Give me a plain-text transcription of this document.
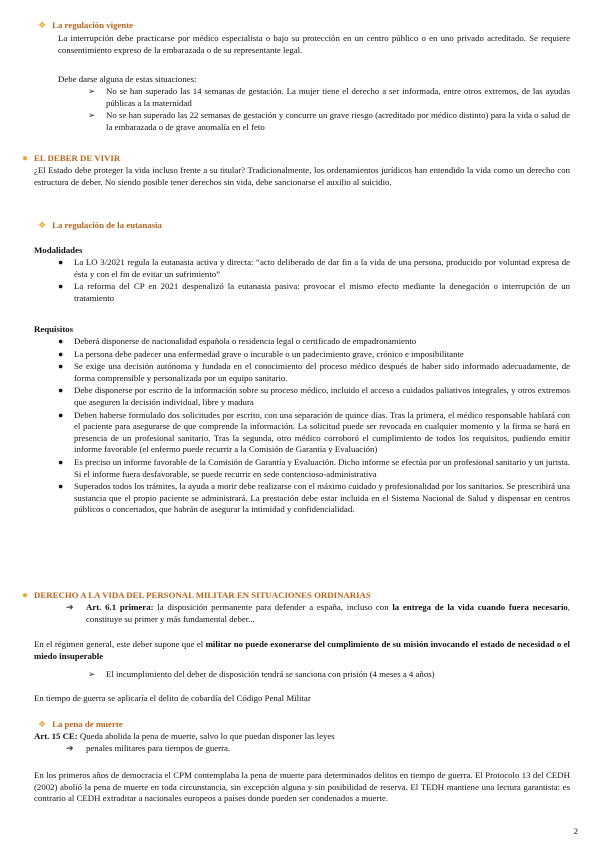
❖ La regulación vigente

La interrupción debe practicarse por médico especialista o bajo su protección en un centro público o en uno privado acreditado. Se requiere consentimiento expreso de la embarazada o de su representante legal.

Debe darse alguna de estas situaciones:

➢ No se han superado las 14 semanas de gestación. La mujer tiene el derecho a ser informada, entre otros extremos, de las ayudas públicas a la maternidad

➢ No se han superado las 22 semanas de gestación y concurre un grave riesgo (acreditado por médico distinto) para la vida o salud de la embarazada o de grave anomalía en el feto

● EL DEBER DE VIVIR

¿El Estado debe proteger la vida incluso frente a su titular? Tradicionalmente, los ordenamientos jurídicos han entendido la vida como un derecho con estructura de deber. No siendo posible tener derechos sin vida, debe sancionarse el auxilio al suicidio.

❖ La regulación de la eutanasia

Modalidades

● La LO 3/2021 regula la eutanasia activa y directa: “acto deliberado de dar fin a la vida de una persona, producido por voluntad expresa de ésta y con el fin de evitar un sufrimiento”

● La reforma del CP en 2021 despenalizó la eutanasia pasiva: provocar el mismo efecto mediante la denegación o interrupción de un tratamiento

Requisitos

● Deberá disponerse de nacionalidad española o residencia legal o certificado de empadronamiento

● La persona debe padecer una enfermedad grave o incurable o un padecimiento grave, crónico e imposibilitante

● Se exige una decisión autónoma y fundada en el conocimiento del proceso médico después de haber sido informado adecuadamente, de forma comprensible y personalizada por un equipo sanitario.

● Debe disponerse por escrito de la información sobre su proceso médico, incluido el acceso a cuidados paliativos integrales, y otros extremos que aseguren la decisión individual, libre y madura

● Deben haberse formulado dos solicitudes por escrito, con una separación de quince días. Tras la primera, el médico responsable hablará con el paciente para asegurarse de que comprende la información. La solicitud puede ser revocada en cualquier momento y la firma se hará en presencia de un profesional sanitario. Tras la segunda, otro médico corroboró el cumplimiento de todos los requisitos, pudiendo emitir informe favorable (el enfermo puede recurrir a la Comisión de Garantía y Evaluación)

● Es preciso un informe favorable de la Comisión de Garantía y Evaluación. Dicho informe se efectúa por un profesional sanitario y un jurista. Si el informe fuera desfavorable, se puede recurrir en sede contencioso-administrativa

● Superados todos los trámites, la ayuda a morir debe realizarse con el máximo cuidado y profesionalidad por los sanitarios. Se prescribirá una sustancia que el propio paciente se administrará. La prestación debe estar incluida en el Sistema Nacional de Salud y dispensar en centros públicos o concertados, que habrán de asegurar la intimidad y confidencialidad.

● DERECHO A LA VIDA DEL PERSONAL MILITAR EN SITUACIONES ORDINARIAS
➔ Art. 6.1 primera: la disposición permanente para defender a españa, incluso con la entrega de la vida cuando fuera necesario, constituye su primer y más fundamental deber...

En el régimen general, este deber supone que el militar no puede exonerarse del cumplimiento de su misión invocando el estado de necesidad o el miedo insuperable

➢ El incumplimiento del deber de disposición tendrá se sanciona con prisión (4 meses a 4 años)

En tiempo de guerra se aplicaría el delito de cobardía del Código Penal Militar

❖ La pena de muerte

Art. 15 CE: Queda abolida la pena de muerte, salvo lo que puedan disponer las leyes

➔ penales militares para tiempos de guerra.

En los primeros años de democracia el CPM contemplaba la pena de muerte para determinados delitos en tiempo de guerra. El Protocolo 13 del CEDH (2002) abolió la pena de muerte en toda circunstancia, sin excepción alguna y sin posibilidad de reserva. El TEDH mantiene una lectura garantista: es contrario al CEDH extraditar a nacionales europeos a países donde pueden ser condenados a muerte.

2
